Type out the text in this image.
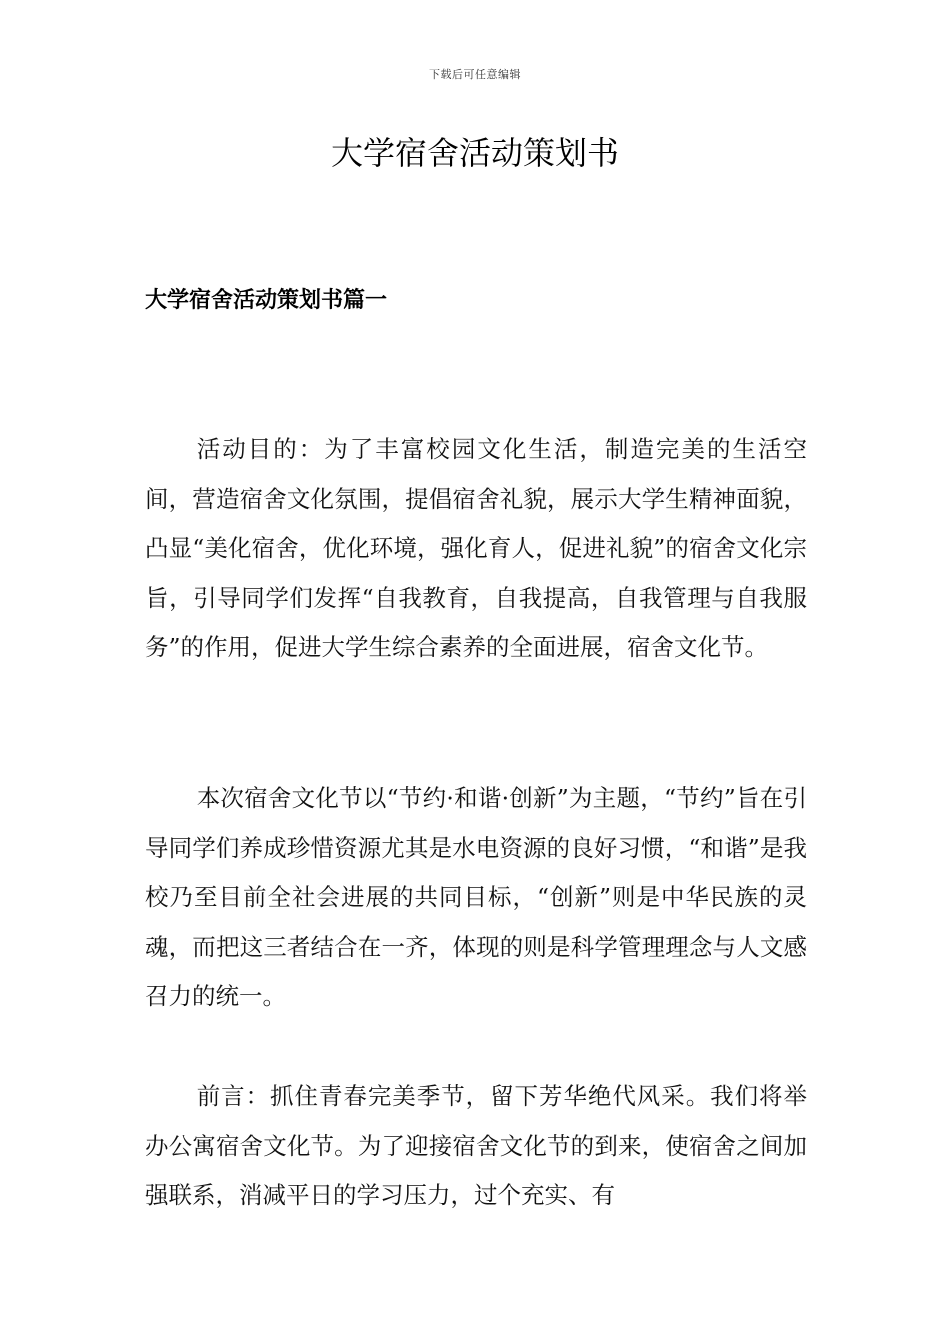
下载后可任意编辑
大学宿舍活动策划书
大学宿舍活动策划书篇一

活动目的：为了丰富校园文化生活，制造完美的生活空间，营造宿舍文化氛围，提倡宿舍礼貌，展示大学生精神面貌，凸显“美化宿舍，优化环境，强化育人，促进礼貌”的宿舍文化宗旨，引导同学们发挥“自我教育，自我提高，自我管理与自我服务”的作用，促进大学生综合素养的全面进展，宿舍文化节。

本次宿舍文化节以“节约·和谐·创新”为主题，“节约”旨在引导同学们养成珍惜资源尤其是水电资源的良好习惯，“和谐”是我校乃至目前全社会进展的共同目标，“创新”则是中华民族的灵魂，而把这三者结合在一齐，体现的则是科学管理理念与人文感召力的统一。

前言：抓住青春完美季节，留下芳华绝代风采。我们将举办公寓宿舍文化节。为了迎接宿舍文化节的到来，使宿舍之间加强联系，消减平日的学习压力，过个充实、有
